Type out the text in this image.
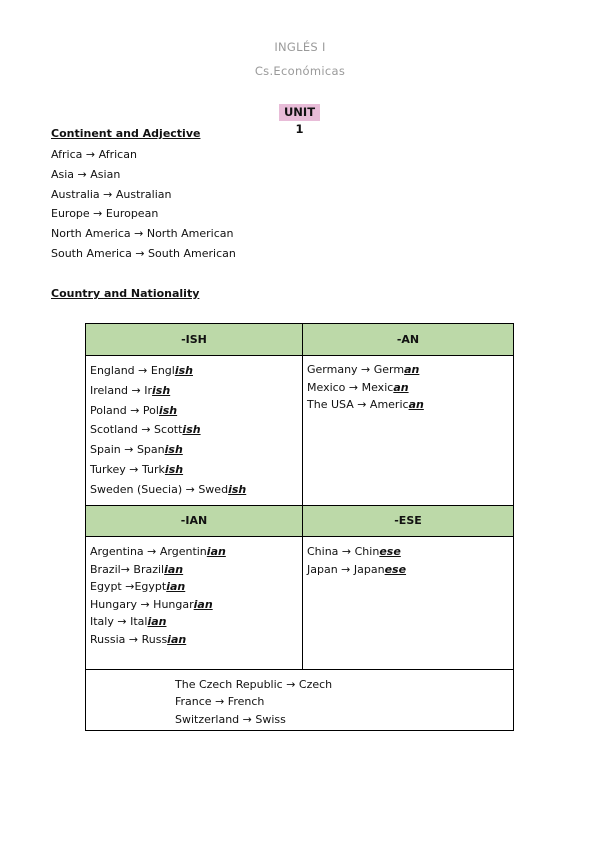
INGLÉS I
Cs.Económicas
UNIT 1
Continent and Adjective
Africa → African
Asia → Asian
Australia → Australian
Europe → European
North America → North American
South America → South American
Country and Nationality
-ISH	-AN
-IAN	-ESE
England → English
Ireland → Irish
Poland → Polish
Scotland → Scottish
Spain → Spanish
Turkey → Turkish
Sweden (Suecia) → Swedish
Germany → German
Mexico → Mexican
The USA → American
Argentina → Argentinian
Brazil→ Brazilian
Egypt →Egyptian
Hungary → Hungarian
Italy → Italian
Russia → Russian
China → Chinese
Japan → Japanese
The Czech Republic → Czech
France → French
Switzerland → Swiss
